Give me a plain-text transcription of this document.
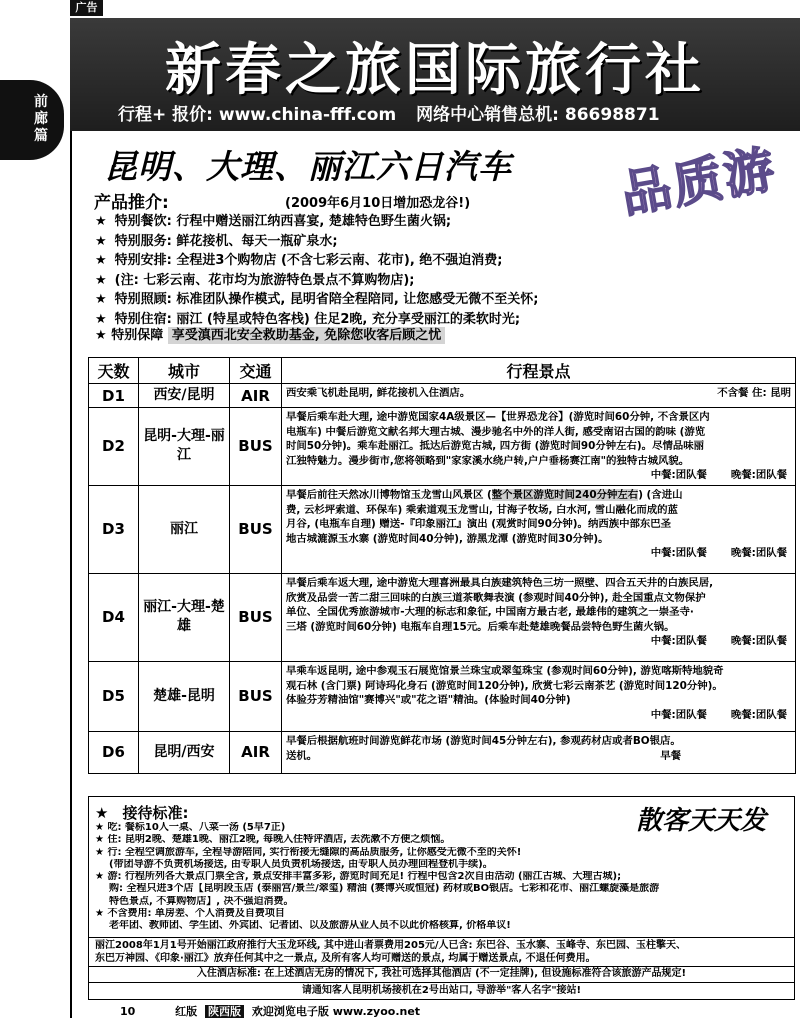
广告
前廊篇
新春之旅国际旅行社
行程+ 报价: www.china-fff.com 网络中心销售总机: 86698871
昆明、大理、丽江六日汽车 品质游
产品推介:	(2009年6月10日增加恐龙谷!)
★ 特别餐饮: 行程中赠送丽江纳西喜宴, 楚雄特色野生菌火锅;
★ 特别服务: 鲜花接机、每天一瓶矿泉水;
★ 特别安排: 全程进3个购物店 (不含七彩云南、花市), 绝不强迫消费;
★ (注: 七彩云南、花市均为旅游特色景点不算购物店);
★ 特别照顾: 标准团队操作模式, 昆明省陪全程陪同, 让您感受无微不至关怀;
★ 特别住宿: 丽江 (特星或特色客栈) 住足2晚, 充分享受丽江的柔软时光;
★ 特别保障 享受滇西北安全救助基金, 免除您收客后顾之忧
天数	城市	交通	行程景点
D1	西安/昆明	AIR	西安乘飞机赴昆明, 鲜花接机入住酒店。 不含餐 住: 昆明

D2	昆明-大理-丽江	BUS	早餐后乘车赴大理, 途中游览国家4A级景区—【世界恐龙谷】(游览时间60分钟, 不含景区内
电瓶车) 中餐后游览文献名邦大理古城、漫步驰名中外的洋人街, 感受南诏古国的韵味 (游览
时间50分钟)。乘车赴丽江。抵达后游览古城, 四方街 (游览时间90分钟左右)。尽情品味丽
江独特魅力。漫步街市,您将领略到"家家溪水绕户转,户户垂杨赛江南"的独特古城风貌。
中餐:团队餐 晚餐:团队餐

D3	丽江	BUS	早餐后前往天然冰川博物馆玉龙雪山风景区 (整个景区游览时间240分钟左右) (含进山
费, 云杉坪索道、环保车) 乘索道观玉龙雪山, 甘海子牧场, 白水河, 雪山融化而成的蓝
月谷, (电瓶车自理) 赠送-『印象丽江』演出 (观赏时间90分钟)。纳西族中部东巴圣
地古城漉源玉水寨 (游览时间40分钟), 游黑龙潭 (游览时间30分钟)。
中餐:团队餐 晚餐:团队餐

D4	丽江-大理-楚雄	BUS	早餐后乘车返大理, 途中游览大理喜洲最具白族建筑特色三坊一照壁、四合五天井的白族民居,
欣赏及品尝一苦二甜三回味的白族三道茶歌舞表演 (参观时间40分钟), 赴全国重点文物保护
单位、全国优秀旅游城市-大理的标志和象征, 中国南方最古老, 最雄伟的建筑之一崇圣寺·
三塔 (游览时间60分钟) 电瓶车自理15元。后乘车赴楚雄晚餐品尝特色野生菌火锅。
中餐:团队餐 晚餐:团队餐

D5	楚雄-昆明	BUS	早乘车返昆明, 途中参观玉石展览馆景兰珠宝或翠玺珠宝 (参观时间60分钟), 游览喀斯特地貌奇
观石林 (含门票) 阿诗玛化身石 (游览时间120分钟), 欣赏七彩云南茶艺 (游览时间120分钟)。
体验芬芳精油馆"赛博兴"或"花之语"精油。(体验时间40分钟)
中餐:团队餐 晚餐:团队餐

D6	昆明/西安	AIR	早餐后根据航班时间游览鲜花市场 (游览时间45分钟左右), 参观药材店或者BO银店。
送机。 早餐
★ 接待标准:
★ 吃: 餐标10人一桌、八菜一汤 (5早7正)
★ 住: 昆明2晚、楚雄1晚、丽江2晚, 每晚入住特评酒店, 去洗漱不方便之烦恼。
★ 行: 全程空调旅游车, 全程导游陪同, 实行衔接无缝隙的高品质服务, 让你感受无微不至的关怀!
(带团导游不负责机场接送, 由专职人员负责机场接送, 由专职人员办理回程登机手续)。
★ 游: 行程所列各大景点门票全含, 景点安排丰富多彩, 游览时间充足! 行程中包含2次自由活动 (丽江古城、大理古城);
购: 全程只进3个店【昆明段玉店 (泰丽宫/景兰/翠玺) 精油 (赛博兴或恒冠) 药材或BO银店。七彩和花市、丽江螺旋藻是旅游
特色景点, 不算购物店】, 决不强迫消费。
★ 不含费用: 单房差、个人消费及自费项目
老年团、教师团、学生团、外宾团、记者团、以及旅游从业人员不以此价格核算, 价格单议!
散客天天发
丽江2008年1月1号开始丽江政府推行大玉龙环线, 其中进山者票费用205元/人已含: 东巴谷、玉水寨、玉峰寺、东巴园、玉柱擎天、
东巴万神园、《印象·丽江》放弃任何其中之一景点, 及所有客人均可赠送的景点, 均属于赠送景点, 不退任何费用。
入住酒店标准: 在上述酒店无房的情况下, 我社可选择其他酒店 (不一定挂牌), 但设施标准符合该旅游产品规定!
请通知客人昆明机场接机在2号出站口, 导游举"客人名字"接站!
10	红版 陕西版 欢迎浏览电子版 www.zyoo.net
